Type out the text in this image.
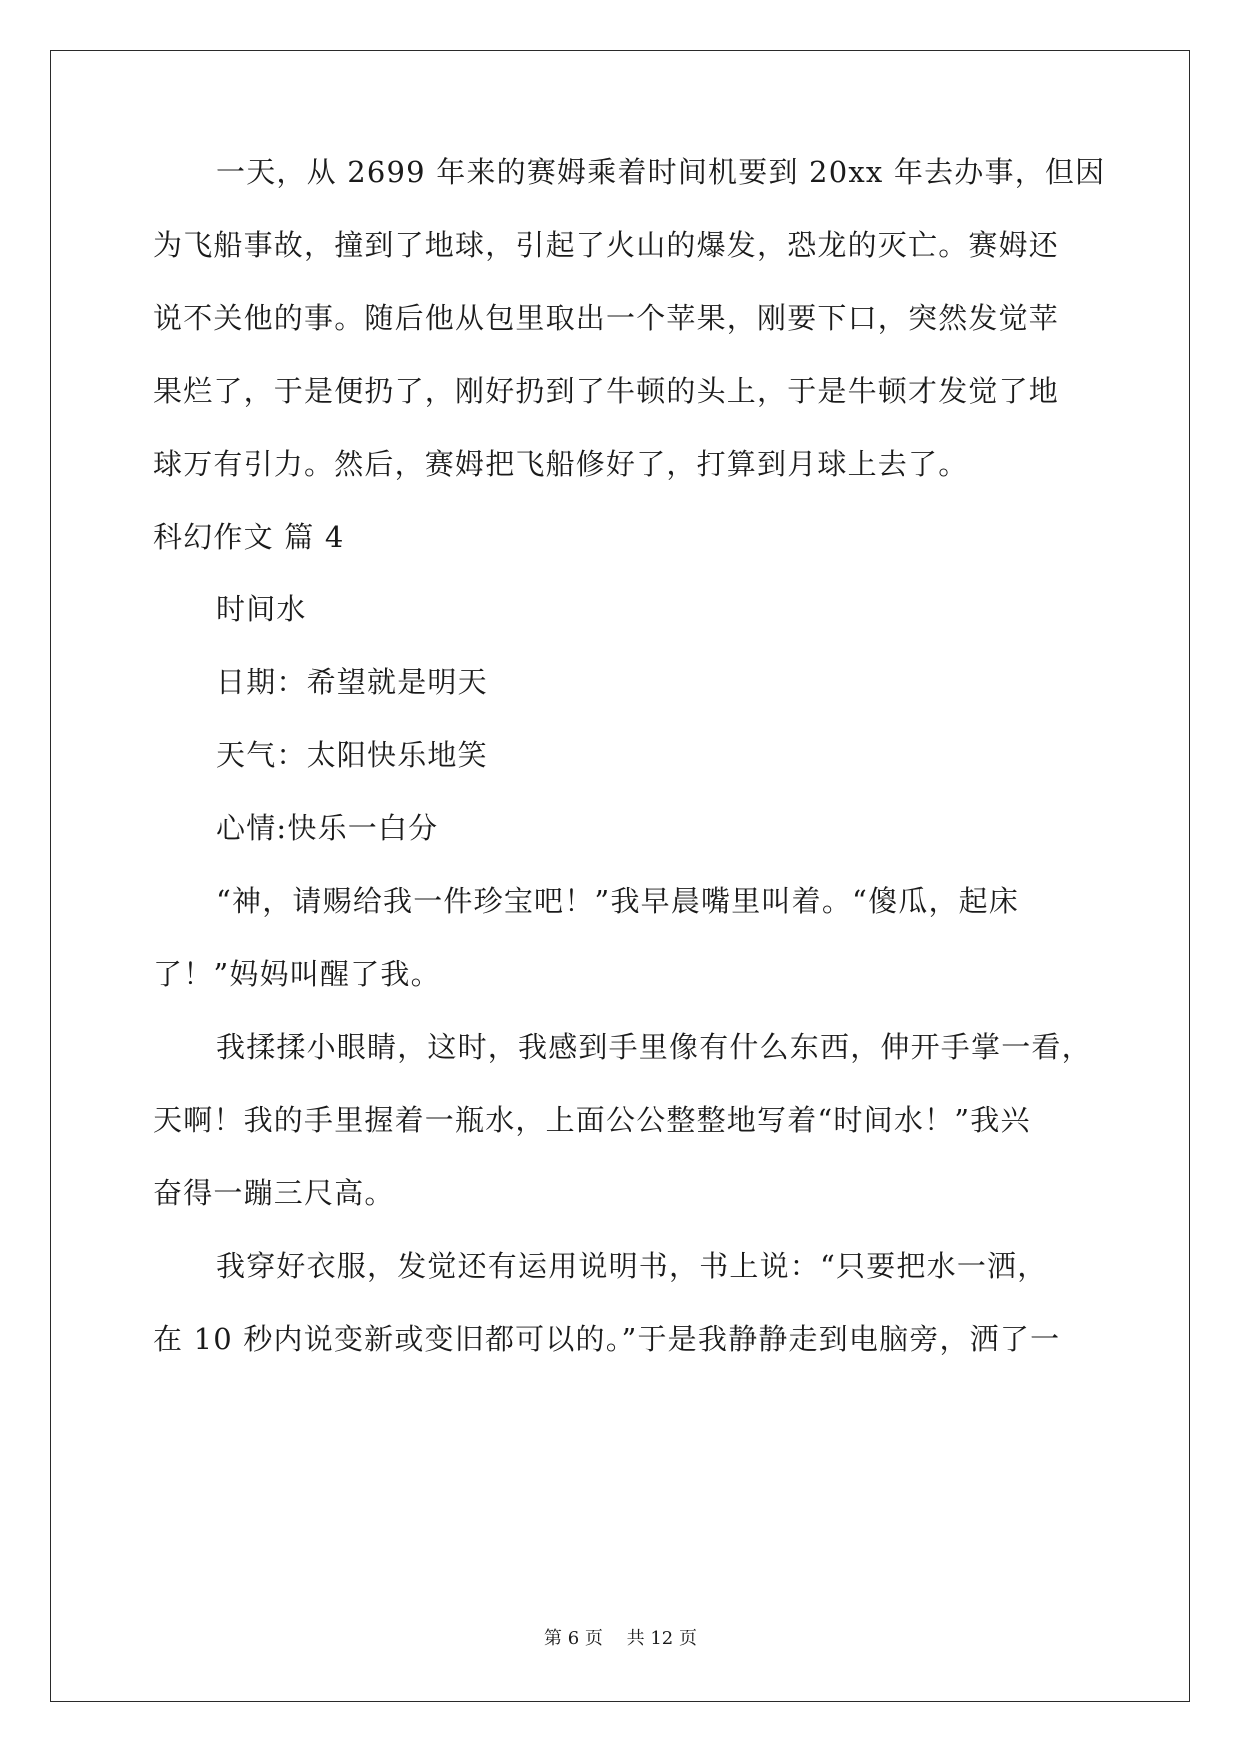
一天，从 2699 年来的赛姆乘着时间机要到 20xx 年去办事，但因
为飞船事故，撞到了地球，引起了火山的爆发，恐龙的灭亡。赛姆还
说不关他的事。随后他从包里取出一个苹果，刚要下口，突然发觉苹
果烂了，于是便扔了，刚好扔到了牛顿的头上，于是牛顿才发觉了地
球万有引力。然后，赛姆把飞船修好了，打算到月球上去了。
科幻作文 篇 4
时间水
日期：希望就是明天
天气：太阳快乐地笑
心情:快乐一白分
“神，请赐给我一件珍宝吧！”我早晨嘴里叫着。“傻瓜，起床
了！”妈妈叫醒了我。
我揉揉小眼睛，这时，我感到手里像有什么东西，伸开手掌一看，
天啊！我的手里握着一瓶水，上面公公整整地写着“时间水！”我兴
奋得一蹦三尺高。
我穿好衣服，发觉还有运用说明书，书上说：“只要把水一洒，
在 10 秒内说变新或变旧都可以的。”于是我静静走到电脑旁，洒了一
第 6 页　 共 12 页
